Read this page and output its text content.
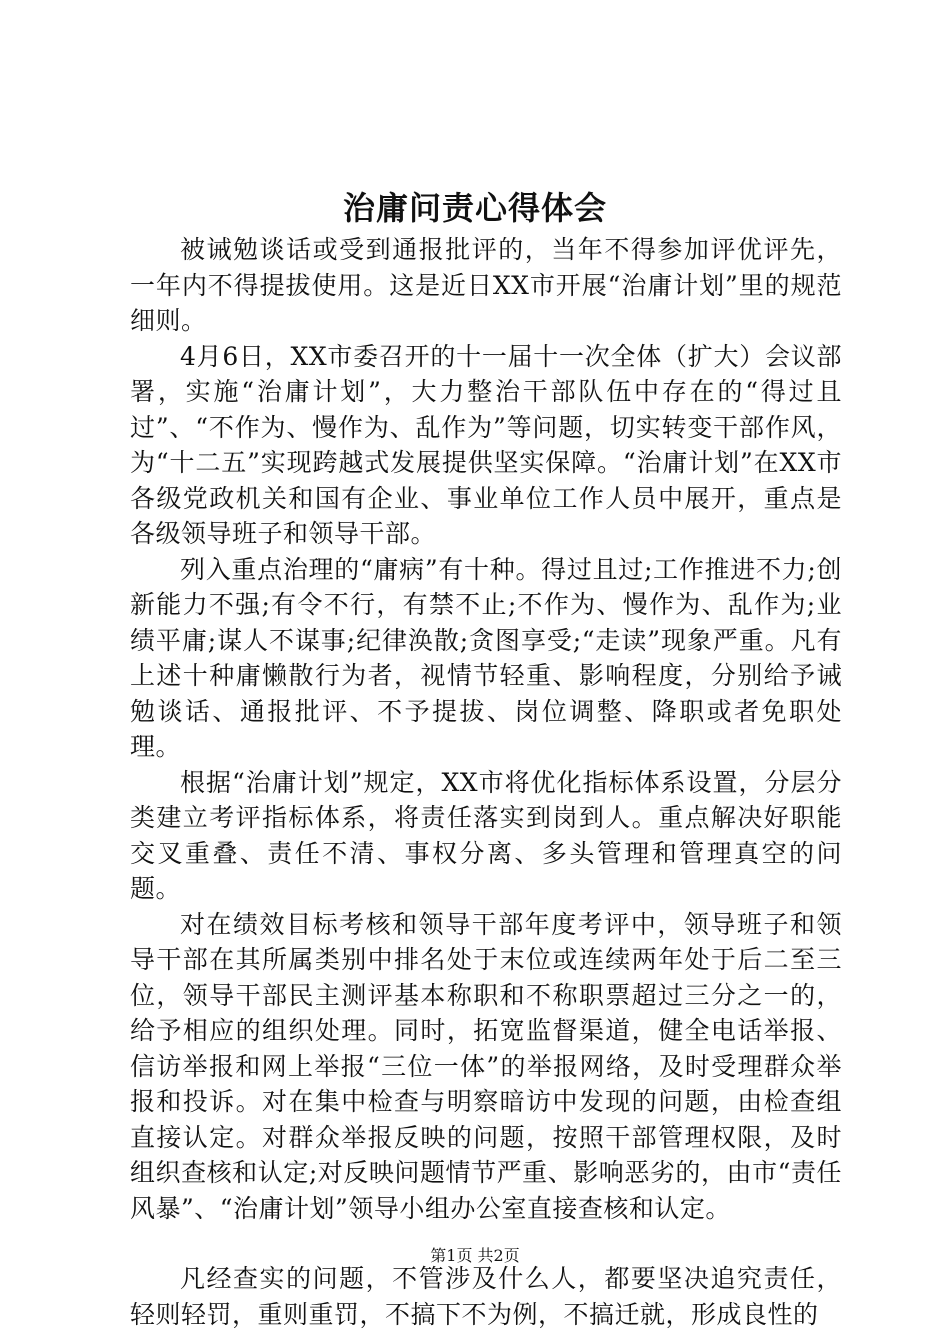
治庸问责心得体会

被诫勉谈话或受到通报批评的，当年不得参加评优评先，一年内不得提拔使用。这是近日XX市开展“治庸计划”里的规范细则。

4月6日，XX市委召开的十一届十一次全体（扩大）会议部署，实施“治庸计划”，大力整治干部队伍中存在的“得过且过”、“不作为、慢作为、乱作为”等问题，切实转变干部作风，为“十二五”实现跨越式发展提供坚实保障。“治庸计划”在XX市各级党政机关和国有企业、事业单位工作人员中展开，重点是各级领导班子和领导干部。

列入重点治理的“庸病”有十种。得过且过;工作推进不力;创新能力不强;有令不行，有禁不止;不作为、慢作为、乱作为;业绩平庸;谋人不谋事;纪律涣散;贪图享受;“走读”现象严重。凡有上述十种庸懒散行为者，视情节轻重、影响程度，分别给予诫勉谈话、通报批评、不予提拔、岗位调整、降职或者免职处理。

根据“治庸计划”规定，XX市将优化指标体系设置，分层分类建立考评指标体系，将责任落实到岗到人。重点解决好职能交叉重叠、责任不清、事权分离、多头管理和管理真空的问题。

对在绩效目标考核和领导干部年度考评中，领导班子和领导干部在其所属类别中排名处于末位或连续两年处于后二至三位，领导干部民主测评基本称职和不称职票超过三分之一的，给予相应的组织处理。同时，拓宽监督渠道，健全电话举报、信访举报和网上举报“三位一体”的举报网络，及时受理群众举报和投诉。对在集中检查与明察暗访中发现的问题，由检查组直接认定。对群众举报反映的问题，按照干部管理权限，及时组织查核和认定;对反映问题情节严重、影响恶劣的，由市“责任风暴”、“治庸计划”领导小组办公室直接查核和认定。

凡经查实的问题，不管涉及什么人，都要坚决追究责任，轻则轻罚，重则重罚，不搞下不为例，不搞迁就，形成良性的

第1页 共2页
